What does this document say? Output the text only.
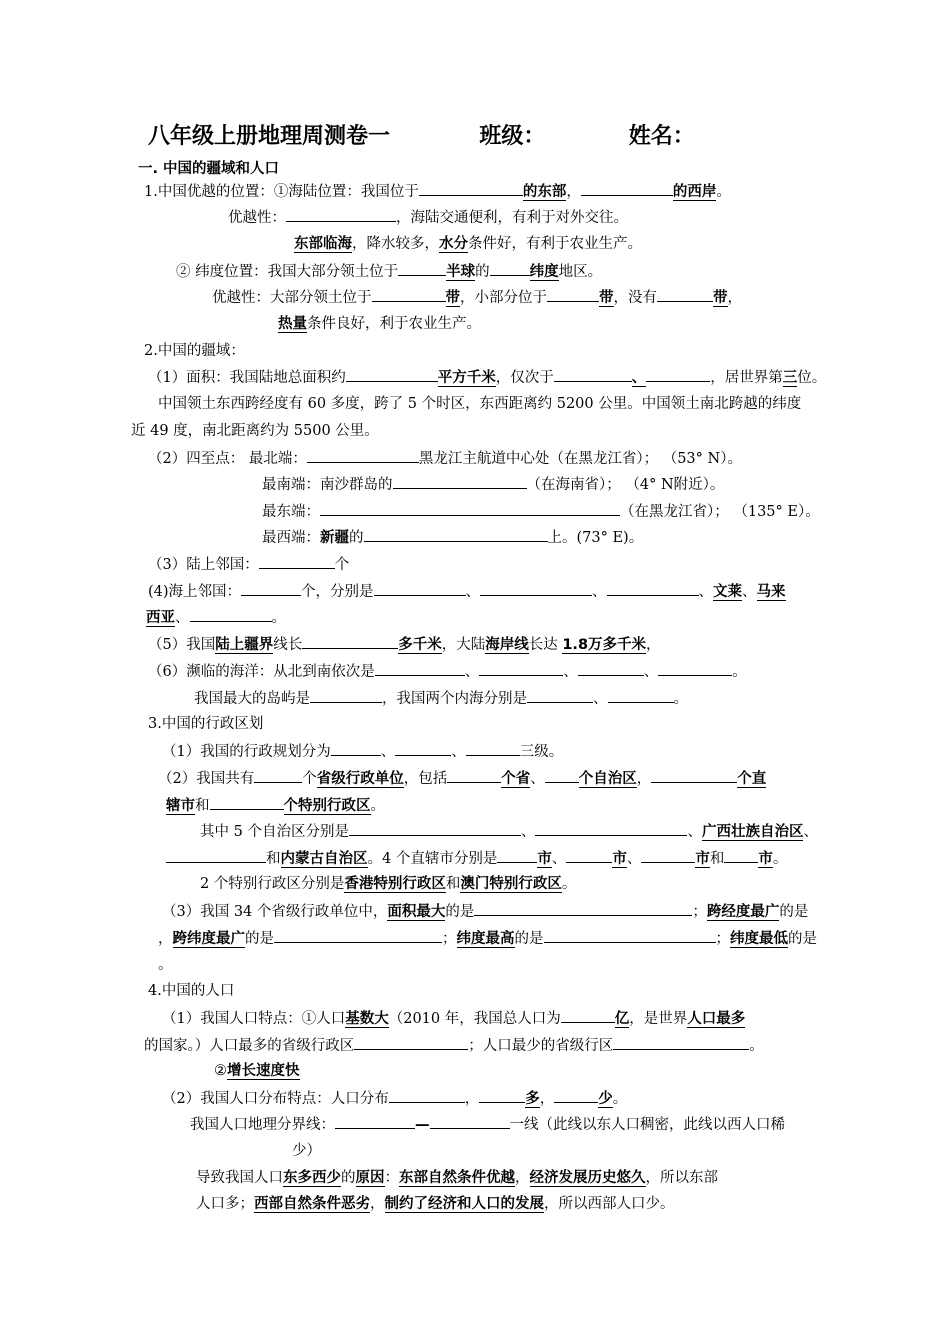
八年级上册地理周测卷一	班级：	姓名：
一. 中国的疆域和人口
1.中国优越的位置：①海陆位置：我国位于	的东部，	的西岸。
优越性：	，海陆交通便利，有利于对外交往。
东部临海，降水较多，水分条件好，有利于农业生产。
② 纬度位置：我国大部分领土位于	半球的	纬度地区。
优越性：大部分领土位于	带，小部分位于	带，没有	带，
热量条件良好，利于农业生产。
2.中国的疆域：
（1）面积：我国陆地总面积约	平方千米，仅次于	、	，居世界第三位。
中国领土东西跨经度有 60 多度，跨了 5 个时区，东西距离约 5200 公里。中国领土南北跨越的纬度
近 49 度，南北距离约为 5500 公里。
（2）四至点： 最北端：	黑龙江主航道中心处（在黑龙江省）； （53° N）。
最南端：南沙群岛的	（在海南省）； （4° N附近）。
最东端：	（在黑龙江省）； （135° E）。
最西端：新疆的	上。(73° E)。
（3）陆上邻国：	个
(4)海上邻国：	个，分别是	、	、	、文莱、马来
西亚、	。
（5）我国陆上疆界线长	多千米，大陆海岸线长达 1.8万多千米，
（6）濒临的海洋：从北到南依次是	、	、	、	。
我国最大的岛屿是	，我国两个内海分别是	、	。
3.中国的行政区划
（1）我国的行政规划分为	、	、	三级。
（2）我国共有	个省级行政单位，包括	个省、 个自治区，	个直
辖市和	个特别行政区。
其中 5 个自治区分别是	、	、广西壮族自治区、
和内蒙古自治区。4 个直辖市分别是	市、	市、	市和 市。
2 个特别行政区分别是香港特别行政区和澳门特别行政区。
（3）我国 34 个省级行政单位中，面积最大的是	；跨经度最广的是
，跨纬度最广的是	；纬度最高的是	；纬度最低的是
。
4.中国的人口
（1）我国人口特点：①人口基数大（2010 年，我国总人口为	亿，是世界人口最多
的国家。）人口最多的省级行政区	；人口最少的省级行区	。
②增长速度快
（2）我国人口分布特点：人口分布	，	多，	少。
我国人口地理分界线：	—	一线（此线以东人口稠密，此线以西人口稀
少）
导致我国人口东多西少的原因：东部自然条件优越，经济发展历史悠久，所以东部
人口多；西部自然条件恶劣，制约了经济和人口的发展，所以西部人口少。
